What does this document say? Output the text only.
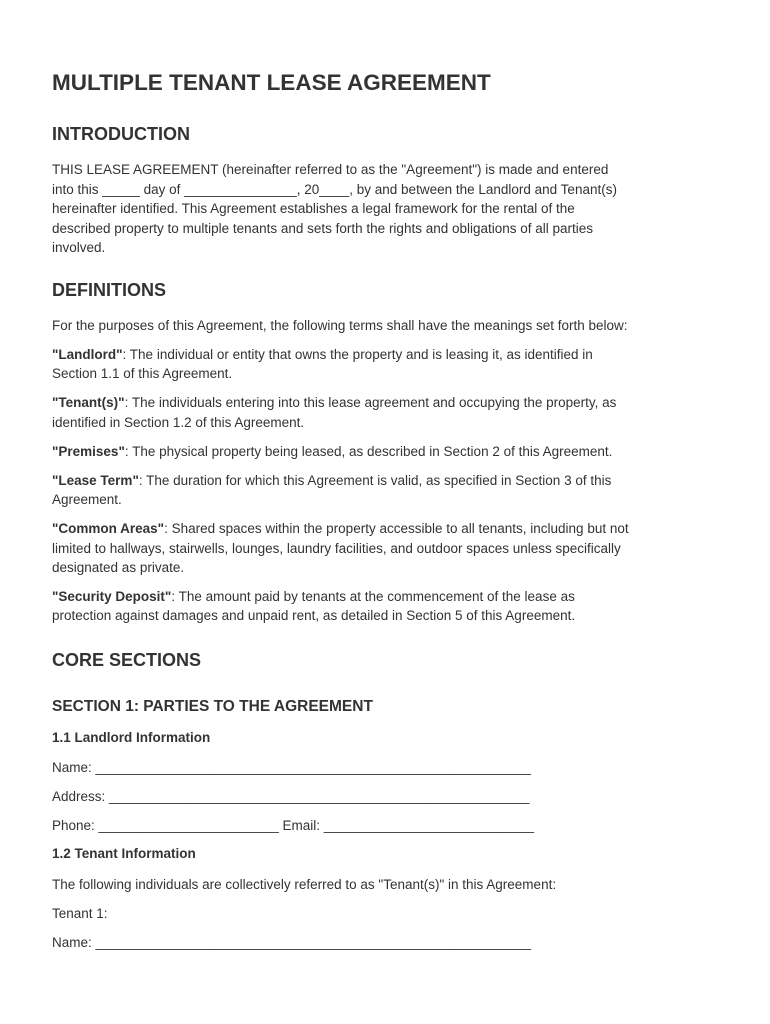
MULTIPLE TENANT LEASE AGREEMENT
INTRODUCTION

THIS LEASE AGREEMENT (hereinafter referred to as the "Agreement") is made and entered

into this _____ day of _______________, 20____, by and between the Landlord and Tenant(s)

hereinafter identified. This Agreement establishes a legal framework for the rental of the

described property to multiple tenants and sets forth the rights and obligations of all parties

involved.

DEFINITIONS

For the purposes of this Agreement, the following terms shall have the meanings set forth below:

"Landlord": The individual or entity that owns the property and is leasing it, as identified in

Section 1.1 of this Agreement.

"Tenant(s)": The individuals entering into this lease agreement and occupying the property, as

identified in Section 1.2 of this Agreement.

"Premises": The physical property being leased, as described in Section 2 of this Agreement.

"Lease Term": The duration for which this Agreement is valid, as specified in Section 3 of this

Agreement.

"Common Areas": Shared spaces within the property accessible to all tenants, including but not

limited to hallways, stairwells, lounges, laundry facilities, and outdoor spaces unless specifically

designated as private.

"Security Deposit": The amount paid by tenants at the commencement of the lease as

protection against damages and unpaid rent, as detailed in Section 5 of this Agreement.

CORE SECTIONS
SECTION 1: PARTIES TO THE AGREEMENT
1.1 Landlord Information

Name: __________________________________________________________

Address: ________________________________________________________

Phone: ________________________ Email: ____________________________

1.2 Tenant Information

The following individuals are collectively referred to as "Tenant(s)" in this Agreement:

Tenant 1:

Name: __________________________________________________________
